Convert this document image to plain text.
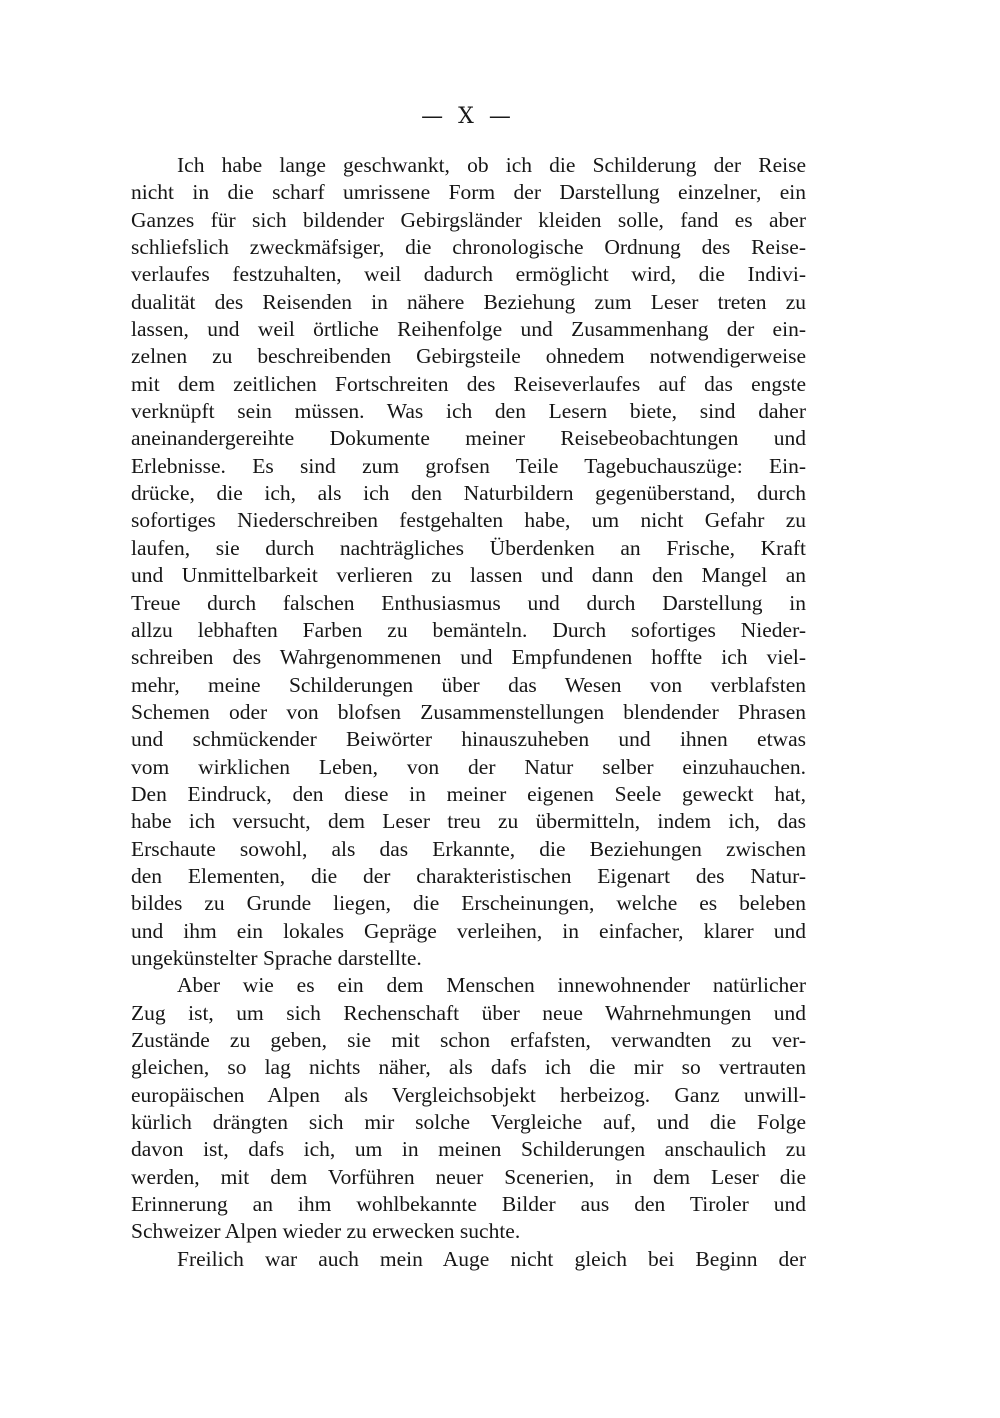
— X —
Ich habe lange geschwankt, ob ich die Schilderung der Reise
nicht in die scharf umrissene Form der Darstellung einzelner, ein
Ganzes für sich bildender Gebirgsländer kleiden solle, fand es aber
schliefslich zweckmäfsiger, die chronologische Ordnung des Reise-
verlaufes festzuhalten, weil dadurch ermöglicht wird, die Indivi-
dualität des Reisenden in nähere Beziehung zum Leser treten zu
lassen, und weil örtliche Reihenfolge und Zusammenhang der ein-
zelnen zu beschreibenden Gebirgsteile ohnedem notwendigerweise
mit dem zeitlichen Fortschreiten des Reiseverlaufes auf das engste
verknüpft sein müssen. Was ich den Lesern biete, sind daher
aneinandergereihte Dokumente meiner Reisebeobachtungen und
Erlebnisse. Es sind zum grofsen Teile Tagebuchauszüge: Ein-
drücke, die ich, als ich den Naturbildern gegenüberstand, durch
sofortiges Niederschreiben festgehalten habe, um nicht Gefahr zu
laufen, sie durch nachträgliches Überdenken an Frische, Kraft
und Unmittelbarkeit verlieren zu lassen und dann den Mangel an
Treue durch falschen Enthusiasmus und durch Darstellung in
allzu lebhaften Farben zu bemänteln. Durch sofortiges Nieder-
schreiben des Wahrgenommenen und Empfundenen hoffte ich viel-
mehr, meine Schilderungen über das Wesen von verblafsten
Schemen oder von blofsen Zusammenstellungen blendender Phrasen
und schmückender Beiwörter hinauszuheben und ihnen etwas
vom wirklichen Leben, von der Natur selber einzuhauchen.
Den Eindruck, den diese in meiner eigenen Seele geweckt hat,
habe ich versucht, dem Leser treu zu übermitteln, indem ich, das
Erschaute sowohl, als das Erkannte, die Beziehungen zwischen
den Elementen, die der charakteristischen Eigenart des Natur-
bildes zu Grunde liegen, die Erscheinungen, welche es beleben
und ihm ein lokales Gepräge verleihen, in einfacher, klarer und
ungekünstelter Sprache darstellte.
Aber wie es ein dem Menschen innewohnender natürlicher
Zug ist, um sich Rechenschaft über neue Wahrnehmungen und
Zustände zu geben, sie mit schon erfafsten, verwandten zu ver-
gleichen, so lag nichts näher, als dafs ich die mir so vertrauten
europäischen Alpen als Vergleichsobjekt herbeizog. Ganz unwill-
kürlich drängten sich mir solche Vergleiche auf, und die Folge
davon ist, dafs ich, um in meinen Schilderungen anschaulich zu
werden, mit dem Vorführen neuer Scenerien, in dem Leser die
Erinnerung an ihm wohlbekannte Bilder aus den Tiroler und
Schweizer Alpen wieder zu erwecken suchte.
Freilich war auch mein Auge nicht gleich bei Beginn der
